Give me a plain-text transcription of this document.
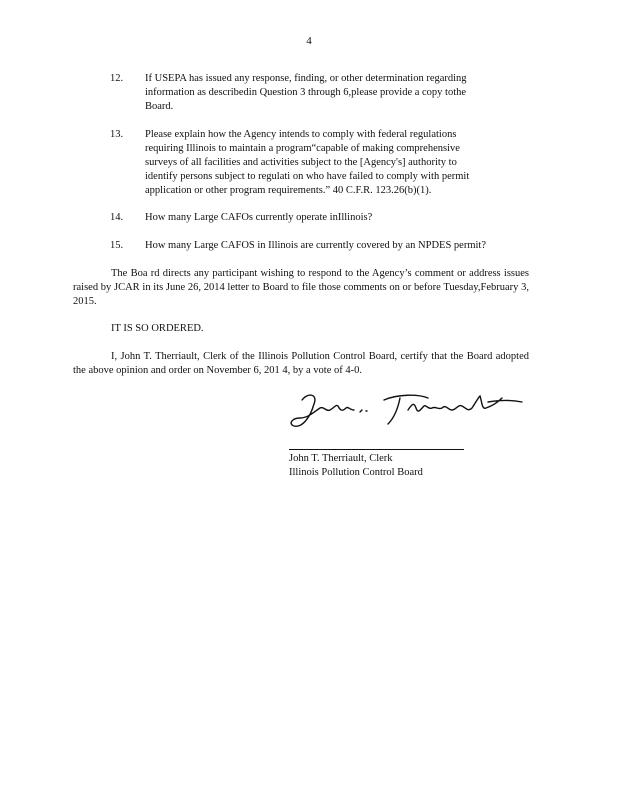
4
12. If USEPA has issued any response, finding, or other determination regarding
information as describedin Question 3 through 6,please provide a copy tothe
Board.
13. Please explain how the Agency intends to comply with federal regulations
requiring Illinois to maintain a program“capable of making comprehensive
surveys of all facilities and activities subject to the [Agency's] authority to
identify persons subject to regulati on who have failed to comply with permit
application or other program requirements.” 40 C.F.R. 123.26(b)(1).
14. How many Large CAFOs currently operate inIllinois?
15. How many Large CAFOS in Illinois are currently covered by an NPDES permit?
The Boa rd directs any participant wishing to respond to the Agency’s comment or address issues raised by JCAR in its June 26, 2014 letter to Board to file those comments on or before Tuesday,February 3, 2015.
IT IS SO ORDERED.
I, John T. Therriault, Clerk of the Illinois Pollution Control Board, certify that the Board adopted the above opinion and order on November 6, 201 4, by a vote of 4-0.
John T. Therriault, Clerk
Illinois Pollution Control Board
